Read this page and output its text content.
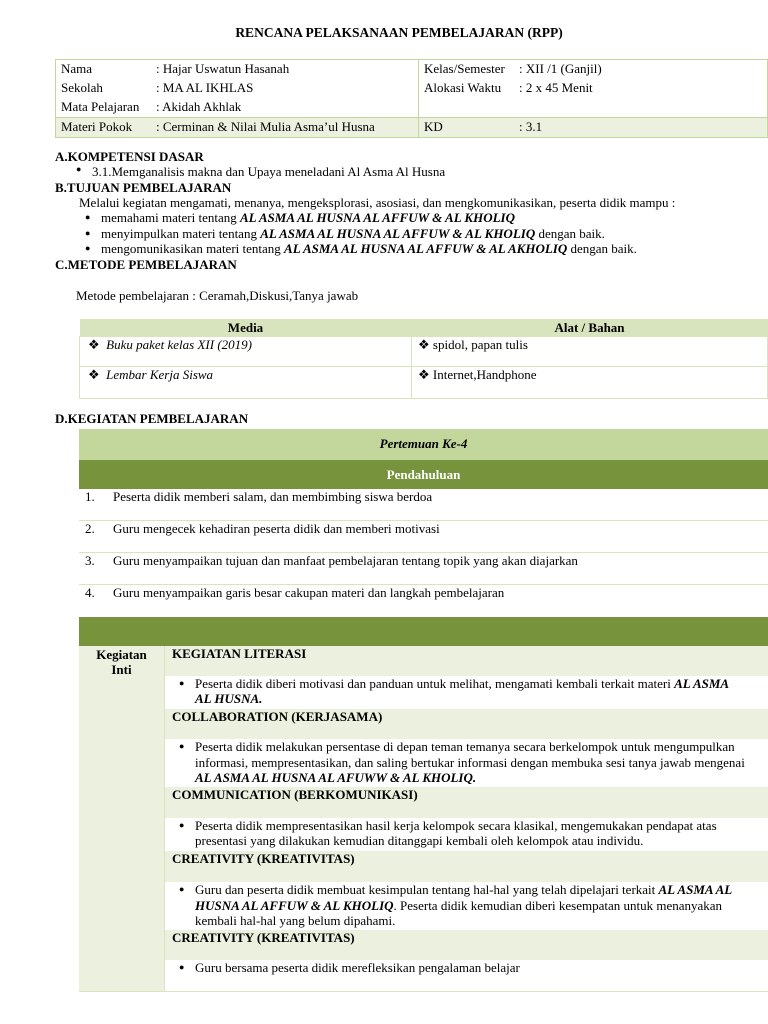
RENCANA PELAKSANAAN PEMBELAJARAN (RPP)
Nama : Hajar Uswatun Hasanah	Kelas/Semester : XII /1 (Ganjil)
Sekolah : MA AL IKHLAS	Alokasi Waktu : 2 x 45 Menit
Mata Pelajaran : Akidah Akhlak	
Materi Pokok : Cerminan & Nilai Mulia Asma’ul Husna	KD : 3.1
A.KOMPETENSI DASAR
● 3.1.Memganalisis makna dan Upaya meneladani Al Asma Al Husna
B.TUJUAN PEMBELAJARAN
Melalui kegiatan mengamati, menanya, mengeksplorasi, asosiasi, dan mengkomunikasikan, peserta didik mampu :
● memahami materi tentang AL ASMA AL HUSNA AL AFFUW & AL KHOLIQ
● menyimpulkan materi tentang AL ASMA AL HUSNA AL AFFUW & AL KHOLIQ dengan baik.
● mengomunikasikan materi tentang AL ASMA AL HUSNA AL AFFUW & AL AKHOLIQ dengan baik.
C.METODE PEMBELAJARAN
Metode pembelajaran : Ceramah,Diskusi,Tanya jawab
Media	Alat / Bahan
❖ Buku paket kelas XII (2019)	❖ spidol, papan tulis
❖ Lembar Kerja Siswa	❖ Internet,Handphone
D.KEGIATAN PEMBELAJARAN
Pertemuan Ke-4
Pendahuluan
1. Peserta didik memberi salam, dan membimbing siswa berdoa
2. Guru mengecek kehadiran peserta didik dan memberi motivasi
3. Guru menyampaikan tujuan dan manfaat pembelajaran tentang topik yang akan diajarkan
4. Guru menyampaikan garis besar cakupan materi dan langkah pembelajaran
Kegiatan
Inti
KEGIATAN LITERASI
● Peserta didik diberi motivasi dan panduan untuk melihat, mengamati kembali terkait materi AL ASMA AL HUSNA.
COLLABORATION (KERJASAMA)
● Peserta didik melakukan persentase di depan teman temanya secara berkelompok untuk mengumpulkan informasi, mempresentasikan, dan saling bertukar informasi dengan membuka sesi tanya jawab mengenai AL ASMA AL HUSNA AL AFUWW & AL KHOLIQ.
COMMUNICATION (BERKOMUNIKASI)
● Peserta didik mempresentasikan hasil kerja kelompok secara klasikal, mengemukakan pendapat atas presentasi yang dilakukan kemudian ditanggapi kembali oleh kelompok atau individu.
CREATIVITY (KREATIVITAS)
● Guru dan peserta didik membuat kesimpulan tentang hal-hal yang telah dipelajari terkait AL ASMA AL HUSNA AL AFFUW & AL KHOLIQ. Peserta didik kemudian diberi kesempatan untuk menanyakan kembali hal-hal yang belum dipahami.
CREATIVITY (KREATIVITAS)
● Guru bersama peserta didik merefleksikan pengalaman belajar
